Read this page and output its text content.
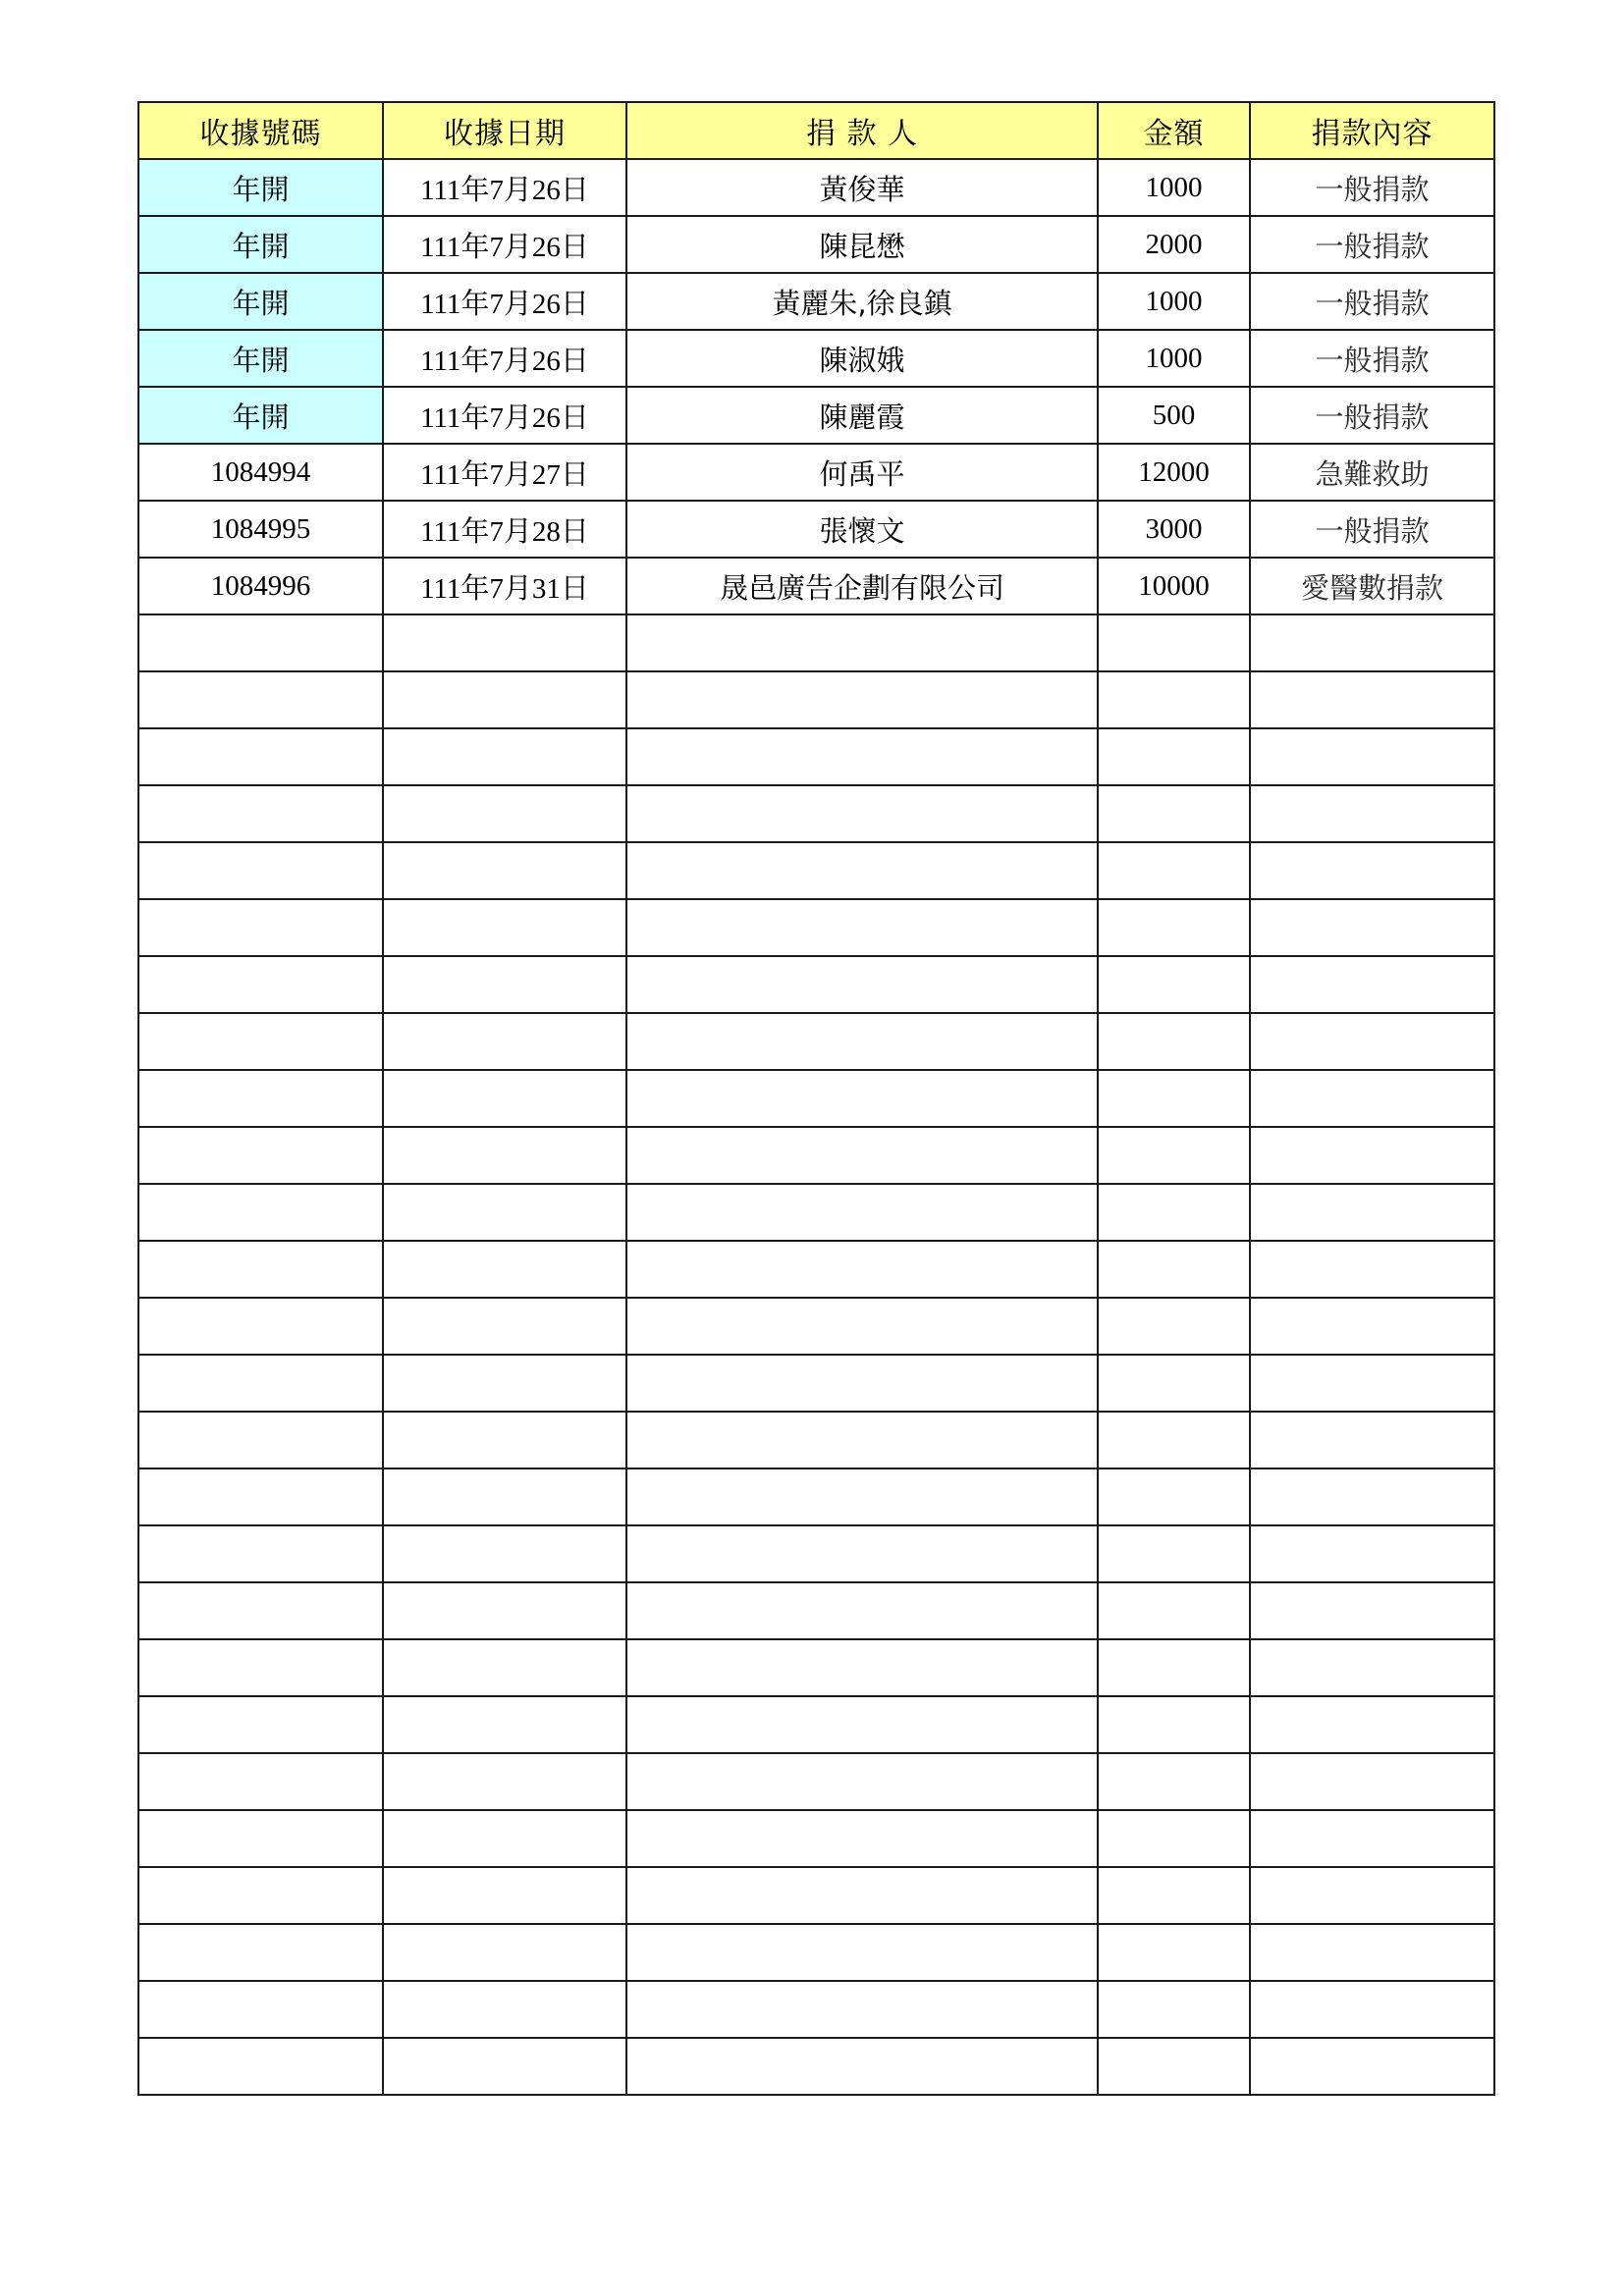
收據號碼	收據日期	捐 款 人	金額	捐款內容
年開	111年7月26日	黃俊華	1000	一般捐款
年開	111年7月26日	陳昆懋	2000	一般捐款
年開	111年7月26日	黃麗朱,徐良鎮	1000	一般捐款
年開	111年7月26日	陳淑娥	1000	一般捐款
年開	111年7月26日	陳麗霞	500	一般捐款
1084994	111年7月27日	何禹平	12000	急難救助
1084995	111年7月28日	張懷文	3000	一般捐款
1084996	111年7月31日	晟邑廣告企劃有限公司	10000	愛醫數捐款
